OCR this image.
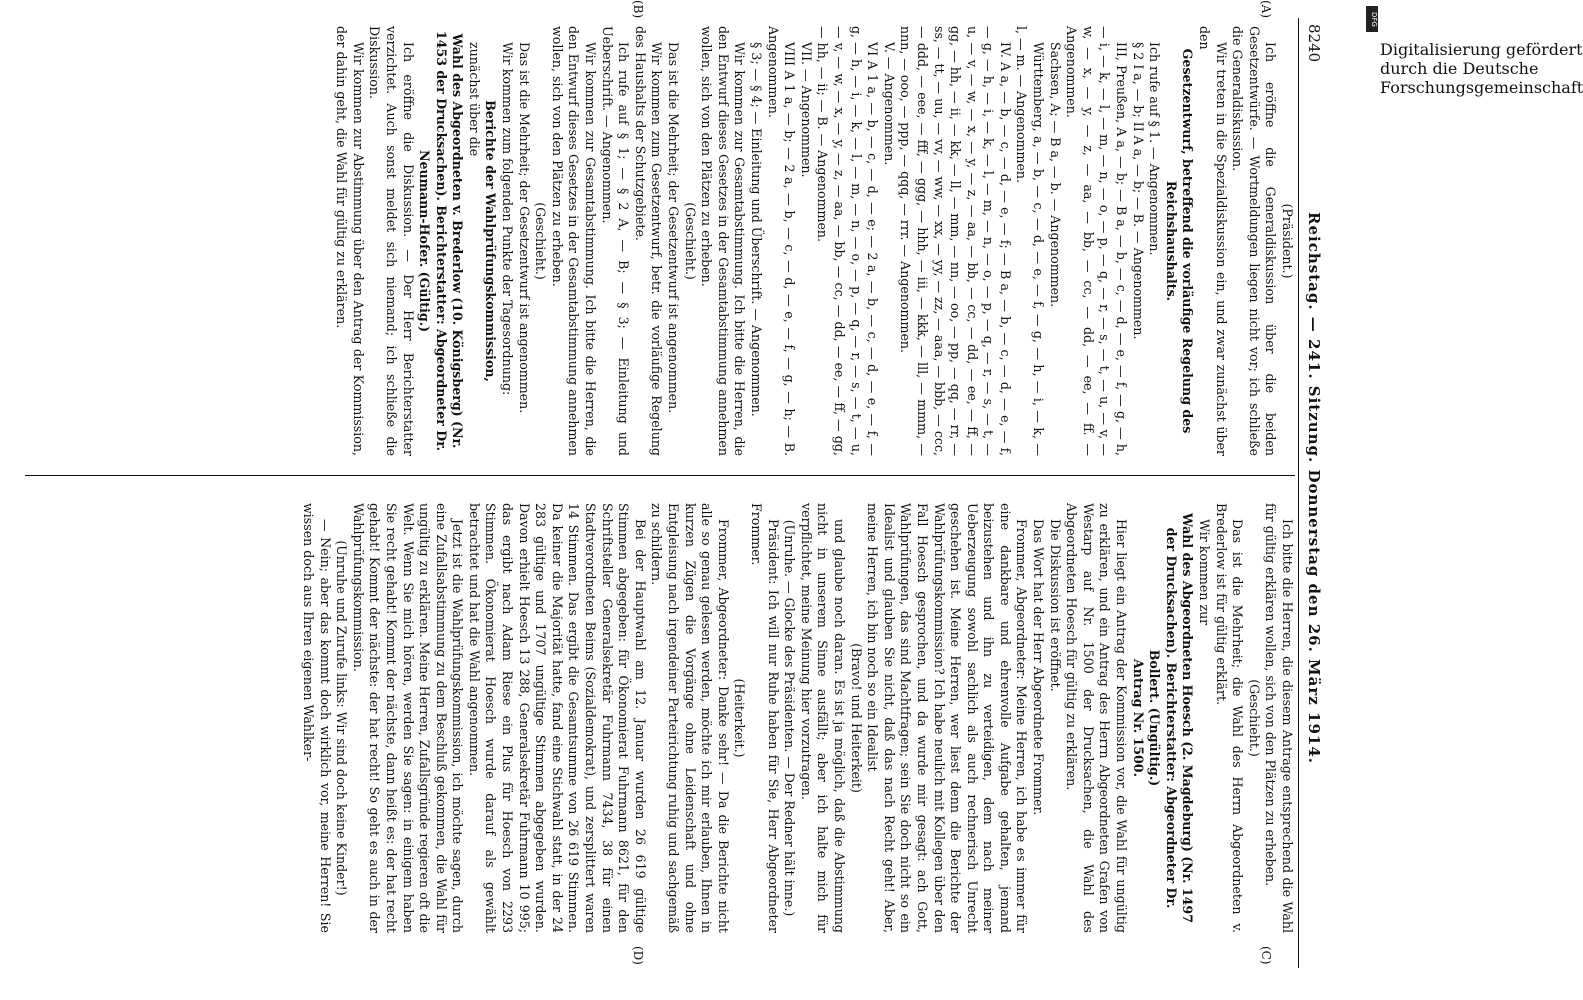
8240
Reichstag. — 241. Sitzung. Donnerstag den 26. März 1914.
(A)
(B)
(C)
(D)

(Präsident.)

Ich eröffne die Generaldiskussion über die beiden Gesetzentwürfe. — Wortmeldungen liegen nicht vor; ich schließe die Generaldiskussion.

Wir treten in die Spezialdiskussion ein, und zwar zunächst über den

Gesetzentwurf, betreffend die vorläufige Regelung des Reichshaushalts.

Ich rufe auf § 1. — Angenommen.

§ 2 I a, — b; II A a, — b; — B. — Angenommen.

III, Preußen, A a, — b; — B a, — b, — c, — d, — e, — f, — g, — h, — i, — k, — l, — m, — n, — o, — p, — q, — r, — s, — t, — u, — v, — w, — x, — y, — z, — aa, — bb, — cc, — dd, — ee, — ff. — Angenommen.

Sachsen, A; — B a, — b. — Angenommen.

Württemberg, a, — b, — c, — d, — e, — f, — g, — h, — i, — k, — l, — m. — Angenommen.

IV. A a, — b, — c, — d, — e, — f; — B a, — b, — c, — d, — e, — f, — g, — h, — i, — k, — l, — m, — n, — o, — p, — q, — r, — s, — t, — u, — v, — w, — x, — y, — z, — aa, — bb, — cc, — dd, — ee, — ff, — gg, — hh, — ii, — kk, — ll, — mm, — nn, — oo, — pp, — qq, — rr, — ss, — tt, — uu, — vv, — ww, — xx, — yy, — zz, — aaa, — bbb, — ccc, — ddd, — eee, — fff, — ggg, — hhh, — iii, — kkk, — lll, — mmm, — nnn, — ooo, — ppp, — qqq, — rrr. — Angenommen.

V. — Angenommen.

VI A 1 a, — b, — c, — d, — e; — 2 a, — b, — c, — d, — e, — f, — g, — h, — i, — k, — l, — m, — n, — o, — p, — q, — r, — s, — t, — u, — v, — w, — x, — y, — z, — aa, — bb, — cc, — dd, — ee, — ff, — gg, — hh, — ii; — B. — Angenommen.

VII. — Angenommen.

VIII A 1 a, — b; — 2 a, — b, — c, — d, — e, — f, — g, — h; — B. Angenommen.

§ 3; — § 4; — Einleitung und Überschrift. — Angenommen.

Wir kommen zur Gesamtabstimmung. Ich bitte die Herren, die den Entwurf dieses Gesetzes in der Gesamtabstimmung annehmen wollen, sich von den Plätzen zu erheben.

(Geschieht.)

Das ist die Mehrheit; der Gesetzentwurf ist angenommen.

Wir kommen zum Gesetzentwurf, betr. die vorläufige Regelung des Haushalts der Schutzgebiete.

Ich rufe auf § 1; — § 2 A, — B; — § 3; — Einleitung und Ueberschrift. — Angenommen.

Wir kommen zur Gesamtabstimmung. Ich bitte die Herren, die den Entwurf dieses Gesetzes in der Gesamtabstimmung annehmen wollen, sich von den Plätzen zu erheben.

(Geschieht.)

Das ist die Mehrheit; der Gesetzentwurf ist angenommen.

Wir kommen zum folgenden Punkte der Tagesordnung:

Berichte der Wahlprüfungskommission,

zunächst über die

Wahl des Abgeordneten v. Brederlow (10. Königsberg) (Nr. 1453 der Drucksachen). Berichterstatter: Abgeordneter Dr. Neumann-Hofer. (Gültig.)

Ich eröffne die Diskussion. — Der Herr Berichterstatter verzichtet. Auch sonst meldet sich niemand; ich schließe die Diskussion.

Wir kommen zur Abstimmung über den Antrag der Kommission, der dahin geht, die Wahl für gültig zu erklären.

Ich bitte die Herren, die diesem Antrage entsprechend die Wahl für gültig erklären wollen, sich von den Plätzen zu erheben.

(Geschieht.)

Das ist die Mehrheit; die Wahl des Herrn Abgeordneten v. Brederlow ist für gültig erklärt.

Wir kommen zur

Wahl des Abgeordneten Hoesch (2. Magdeburg) (Nr. 1497 der Drucksachen). Berichterstatter: Abgeordneter Dr. Bollert. (Ungültig.)

Antrag Nr. 1500.

Hier liegt ein Antrag der Kommission vor, die Wahl für ungültig zu erklären, und ein Antrag des Herrn Abgeordneten Grafen von Westarp auf Nr. 1500 der Drucksachen, die Wahl des Abgeordneten Hoesch für gültig zu erklären.

Die Diskussion ist eröffnet.

Das Wort hat der Herr Abgeordnete Frommer.

Frommer, Abgeordneter: Meine Herren, ich habe es immer für eine dankbare und ehrenvolle Aufgabe gehalten, jemand beizustehen und ihn zu verteidigen, dem nach meiner Ueberzeugung sowohl sachlich als auch rechnerisch Unrecht geschehen ist. Meine Herren, wer liest denn die Berichte der Wahlprüfungskommission? Ich habe neulich mit Kollegen über den Fall Hoesch gesprochen, und da wurde mir gesagt: ach Gott, Wahlprüfungen, das sind Machtfragen; sein Sie doch nicht so ein Idealist und glauben Sie nicht, daß das nach Recht geht! Aber, meine Herren, ich bin noch so ein Idealist

(Bravo! und Heiterkeit)

und glaube noch daran. Es ist ja möglich, daß die Abstimmung nicht in unserem Sinne ausfällt; aber ich halte mich für verpflichtet, meine Meinung hier vorzutragen.

(Unruhe. — Glocke des Präsidenten. — Der Redner hält inne.)

Präsident: Ich will nur Ruhe haben für Sie, Herr Abgeordneter Frommer.

(Heiterkeit.)

Frommer, Abgeordneter: Danke sehr! — Da die Berichte nicht alle so genau gelesen werden, möchte ich mir erlauben, Ihnen in kurzen Zügen die Vorgänge ohne Leidenschaft und ohne Entgleisung nach irgendeiner Parteirichtung ruhig und sachgemäß zu schildern.

Bei der Hauptwahl am 12. Januar wurden 26 619 gültige Stimmen abgegeben: für Ökonomierat Fuhrmann 8621, für den Schriftsteller Generalsekretär Fuhrmann 7434, 38 für einen Stadtverordneten Beims (Sozialdemokrat), und zersplittert waren 14 Stimmen. Das ergibt die Gesamtsumme von 26 619 Stimmen. Da keiner die Majorität hatte, fand eine Stichwahl statt, in der 24 283 gültige und 1707 ungültige Stimmen abgegeben wurden. Davon erhielt Hoesch 13 288, Generalsekretär Fuhrmann 10 995; das ergibt nach Adam Riese ein Plus für Hoesch von 2293 Stimmen. Ökonomierat Hoesch wurde darauf als gewählt betrachtet und hat die Wahl angenommen.

Jetzt ist die Wahlprüfungskommission, ich möchte sagen, durch eine Zufallsabstimmung zu dem Beschluß gekommen, die Wahl für ungültig zu erklären. Meine Herren, Zufallsgründe regieren oft die Welt. Wenn Sie mich hören, werden Sie sagen: in einigem haben Sie recht gehabt! Kommt der nächste, dann heißt es: der hat recht gehabt! Kommt der nächste: der hat recht! So geht es auch in der Wahlprüfungskommission.

(Unruhe und Zurufe links: Wir sind doch keine Kinder!)

— Nein; aber das kommt doch wirklich vor, meine Herren! Sie wissen doch aus Ihren eigenen Wahlker-

DFG
Digitalisierung gefördert durch die Deutsche Forschungsgemeinschaft
